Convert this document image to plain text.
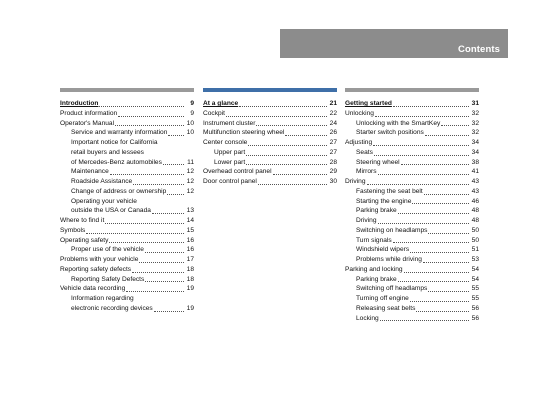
Contents
Introduction	9
Product information	9
Operator's Manual	10
Service and warranty information	10
Important notice for California
retail buyers and lessees
of Mercedes-Benz automobiles	11
Maintenance	12
Roadside Assistance	12
Change of address or ownership	12
Operating your vehicle
outside the USA or Canada	13
Where to find it	14
Symbols	15
Operating safety	16
Proper use of the vehicle	16
Problems with your vehicle	17
Reporting safety defects	18
Reporting Safety Defects	18
Vehicle data recording	19
Information regarding
electronic recording devices	19
At a glance	21
Cockpit	22
Instrument cluster	24
Multifunction steering wheel	26
Center console	27
Upper part	27
Lower part	28
Overhead control panel	29
Door control panel	30
Getting started	31
Unlocking	32
Unlocking with the SmartKey	32
Starter switch positions	32
Adjusting	34
Seats	34
Steering wheel	38
Mirrors	41
Driving	43
Fastening the seat belt	43
Starting the engine	46
Parking brake	48
Driving	48
Switching on headlamps	50
Turn signals	50
Windshield wipers	51
Problems while driving	53
Parking and locking	54
Parking brake	54
Switching off headlamps	55
Turning off engine	55
Releasing seat belts	56
Locking	56
